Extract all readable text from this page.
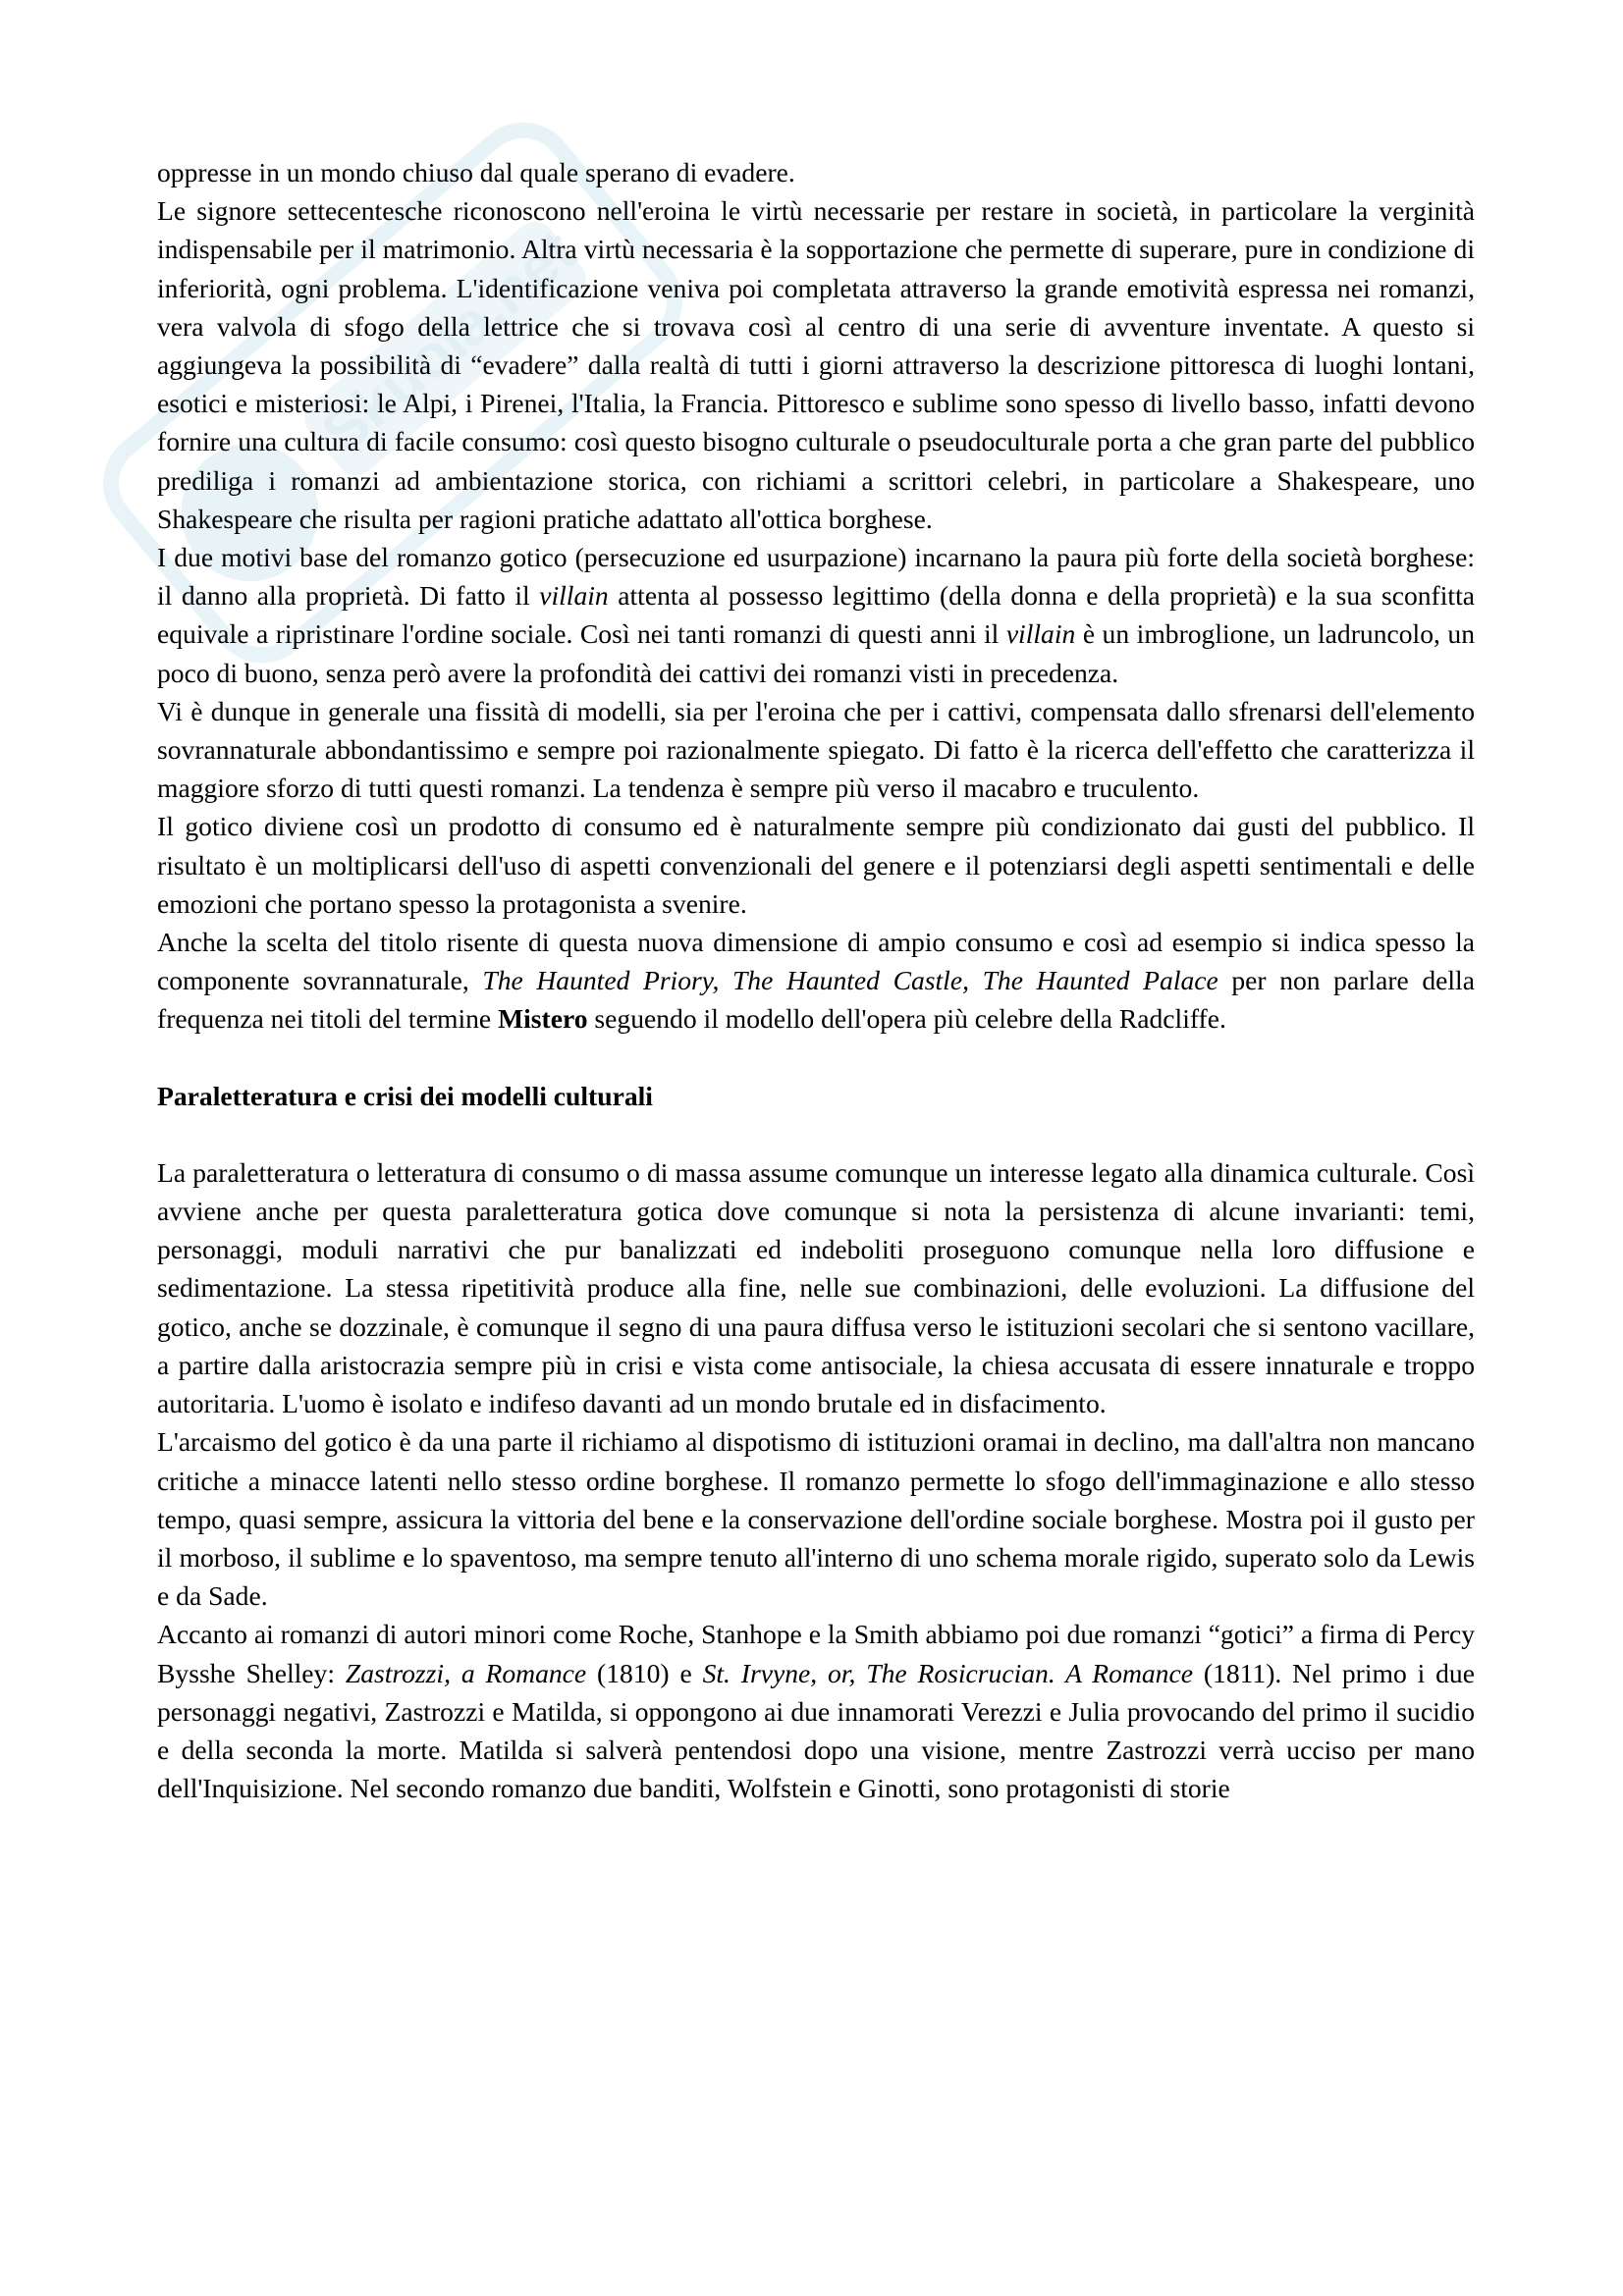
Skuola.net

oppresse in un mondo chiuso dal quale sperano di evadere.

Le signore settecentesche riconoscono nell'eroina le virtù necessarie per restare in società, in particolare la verginità indispensabile per il matrimonio. Altra virtù necessaria è la sopportazione che permette di superare, pure in condizione di inferiorità, ogni problema. L'identificazione veniva poi completata attraverso la grande emotività espressa nei romanzi, vera valvola di sfogo della lettrice che si trovava così al centro di una serie di avventure inventate. A questo si aggiungeva la possibilità di “evadere” dalla realtà di tutti i giorni attraverso la descrizione pittoresca di luoghi lontani, esotici e misteriosi: le Alpi, i Pirenei, l'Italia, la Francia. Pittoresco e sublime sono spesso di livello basso, infatti devono fornire una cultura di facile consumo: così questo bisogno culturale o pseudoculturale porta a che gran parte del pubblico prediliga i romanzi ad ambientazione storica, con richiami a scrittori celebri, in particolare a Shakespeare, uno Shakespeare che risulta per ragioni pratiche adattato all'ottica borghese.

I due motivi base del romanzo gotico (persecuzione ed usurpazione) incarnano la paura più forte della società borghese: il danno alla proprietà. Di fatto il villain attenta al possesso legittimo (della donna e della proprietà) e la sua sconfitta equivale a ripristinare l'ordine sociale. Così nei tanti romanzi di questi anni il villain è un imbroglione, un ladruncolo, un poco di buono, senza però avere la profondità dei cattivi dei romanzi visti in precedenza.

Vi è dunque in generale una fissità di modelli, sia per l'eroina che per i cattivi, compensata dallo sfrenarsi dell'elemento sovrannaturale abbondantissimo e sempre poi razionalmente spiegato. Di fatto è la ricerca dell'effetto che caratterizza il maggiore sforzo di tutti questi romanzi. La tendenza è sempre più verso il macabro e truculento.

Il gotico diviene così un prodotto di consumo ed è naturalmente sempre più condizionato dai gusti del pubblico. Il risultato è un moltiplicarsi dell'uso di aspetti convenzionali del genere e il potenziarsi degli aspetti sentimentali e delle emozioni che portano spesso la protagonista a svenire.

Anche la scelta del titolo risente di questa nuova dimensione di ampio consumo e così ad esempio si indica spesso la componente sovrannaturale, The Haunted Priory, The Haunted Castle, The Haunted Palace per non parlare della frequenza nei titoli del termine Mistero seguendo il modello dell'opera più celebre della Radcliffe.

Paraletteratura e crisi dei modelli culturali

La paraletteratura o letteratura di consumo o di massa assume comunque un interesse legato alla dinamica culturale. Così avviene anche per questa paraletteratura gotica dove comunque si nota la persistenza di alcune invarianti: temi, personaggi, moduli narrativi che pur banalizzati ed indeboliti proseguono comunque nella loro diffusione e sedimentazione. La stessa ripetitività produce alla fine, nelle sue combinazioni, delle evoluzioni. La diffusione del gotico, anche se dozzinale, è comunque il segno di una paura diffusa verso le istituzioni secolari che si sentono vacillare, a partire dalla aristocrazia sempre più in crisi e vista come antisociale, la chiesa accusata di essere innaturale e troppo autoritaria. L'uomo è isolato e indifeso davanti ad un mondo brutale ed in disfacimento.

L'arcaismo del gotico è da una parte il richiamo al dispotismo di istituzioni oramai in declino, ma dall'altra non mancano critiche a minacce latenti nello stesso ordine borghese. Il romanzo permette lo sfogo dell'immaginazione e allo stesso tempo, quasi sempre, assicura la vittoria del bene e la conservazione dell'ordine sociale borghese. Mostra poi il gusto per il morboso, il sublime e lo spaventoso, ma sempre tenuto all'interno di uno schema morale rigido, superato solo da Lewis e da Sade.

Accanto ai romanzi di autori minori come Roche, Stanhope e la Smith abbiamo poi due romanzi “gotici” a firma di Percy Bysshe Shelley: Zastrozzi, a Romance (1810) e St. Irvyne, or, The Rosicrucian. A Romance (1811). Nel primo i due personaggi negativi, Zastrozzi e Matilda, si oppongono ai due innamorati Verezzi e Julia provocando del primo il sucidio e della seconda la morte. Matilda si salverà pentendosi dopo una visione, mentre Zastrozzi verrà ucciso per mano dell'Inquisizione. Nel secondo romanzo due banditi, Wolfstein e Ginotti, sono protagonisti di storie
